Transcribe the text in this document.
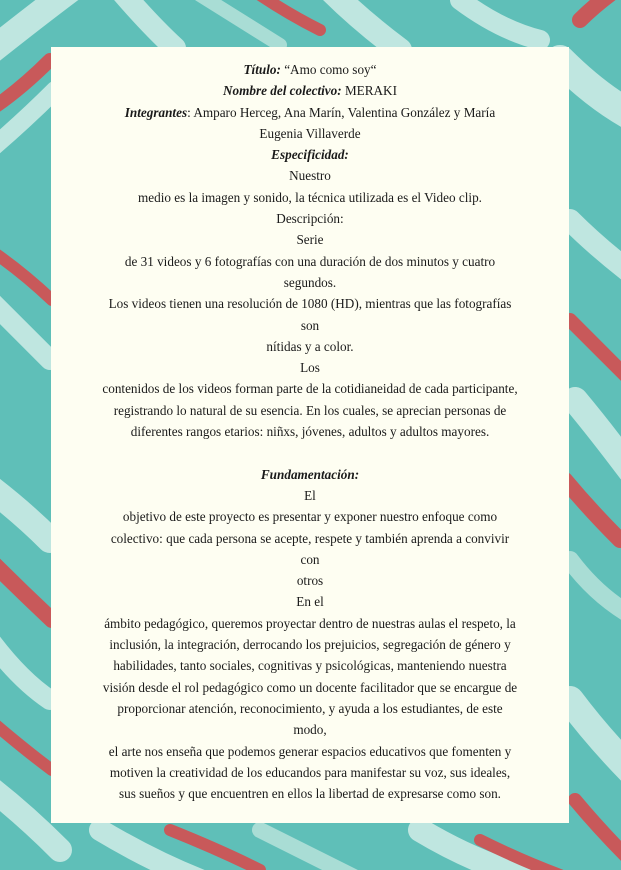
Título: “Amo como soy“

Nombre del colectivo: MERAKI

Integrantes: Amparo Herceg, Ana Marín, Valentina González y María

Eugenia Villaverde

Especificidad:

Nuestro

medio es la imagen y sonido, la técnica utilizada es el Video clip.

Descripción:

Serie

de 31 videos y 6 fotografías con una duración de dos minutos y cuatro

segundos.

Los videos tienen una resolución de 1080 (HD), mientras que las fotografías

son

nítidas y a color.

Los

contenidos de los videos forman parte de la cotidianeidad de cada participante,

registrando lo natural de su esencia. En los cuales, se aprecian personas de

diferentes rangos etarios: niñxs, jóvenes, adultos y adultos mayores.

Fundamentación:

El

objetivo de este proyecto es presentar y exponer nuestro enfoque como

colectivo: que cada persona se acepte, respete y también aprenda a convivir

con

otros

En el

ámbito pedagógico, queremos proyectar dentro de nuestras aulas el respeto, la

inclusión, la integración, derrocando los prejuicios, segregación de género y

habilidades, tanto sociales, cognitivas y psicológicas, manteniendo nuestra

visión desde el rol pedagógico como un docente facilitador que se encargue de

proporcionar atención, reconocimiento, y ayuda a los estudiantes, de este

modo,

el arte nos enseña que podemos generar espacios educativos que fomenten y

motiven la creatividad de los educandos para manifestar su voz, sus ideales,

sus sueños y que encuentren en ellos la libertad de expresarse como son.
